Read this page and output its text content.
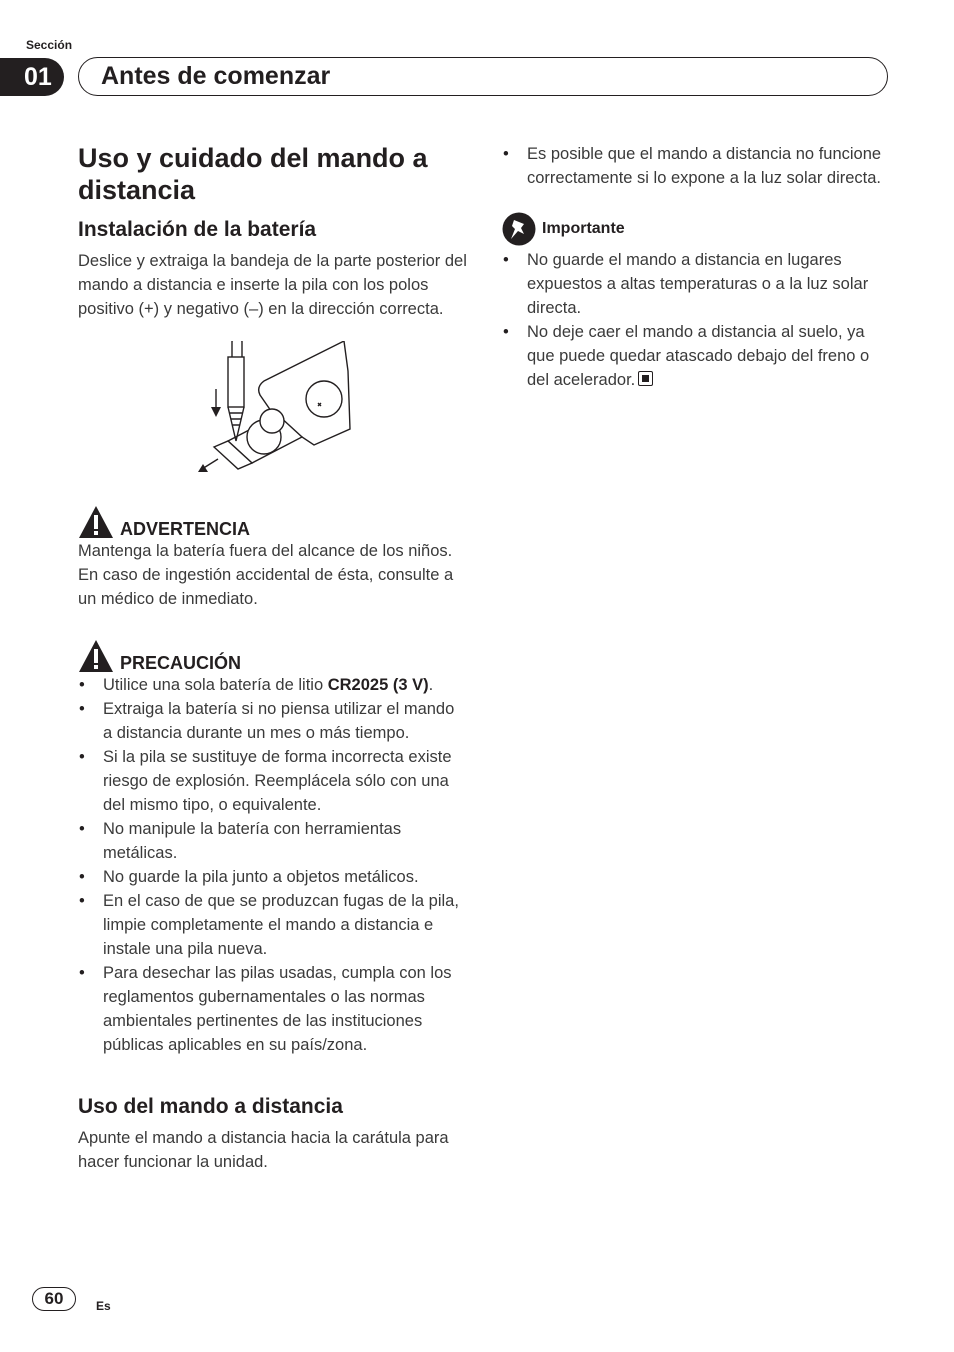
Sección
01	Antes de comenzar
Uso y cuidado del mando a distancia
Instalación de la batería

Deslice y extraiga la bandeja de la parte posterior del mando a distancia e inserte la pila con los polos positivo (+) y negativo (–) en la dirección correcta.

ADVERTENCIA

Mantenga la batería fuera del alcance de los niños. En caso de ingestión accidental de ésta, consulte a un médico de inmediato.

PRECAUCIÓN
• Utilice una sola batería de litio CR2025 (3 V).
• Extraiga la batería si no piensa utilizar el mando a distancia durante un mes o más tiempo.
• Si la pila se sustituye de forma incorrecta existe riesgo de explosión. Reemplácela sólo con una del mismo tipo, o equivalente.
• No manipule la batería con herramientas metálicas.
• No guarde la pila junto a objetos metálicos.
• En el caso de que se produzcan fugas de la pila, limpie completamente el mando a distancia e instale una pila nueva.
• Para desechar las pilas usadas, cumpla con los reglamentos gubernamentales o las normas ambientales pertinentes de las instituciones públicas aplicables en su país/zona.
Uso del mando a distancia

Apunte el mando a distancia hacia la carátula para hacer funcionar la unidad.

• Es posible que el mando a distancia no funcione correctamente si lo expone a la luz solar directa.
Importante
• No guarde el mando a distancia en lugares expuestos a altas temperaturas o a la luz solar directa.
• No deje caer el mando a distancia al suelo, ya que puede quedar atascado debajo del freno o del acelerador.
60	Es
